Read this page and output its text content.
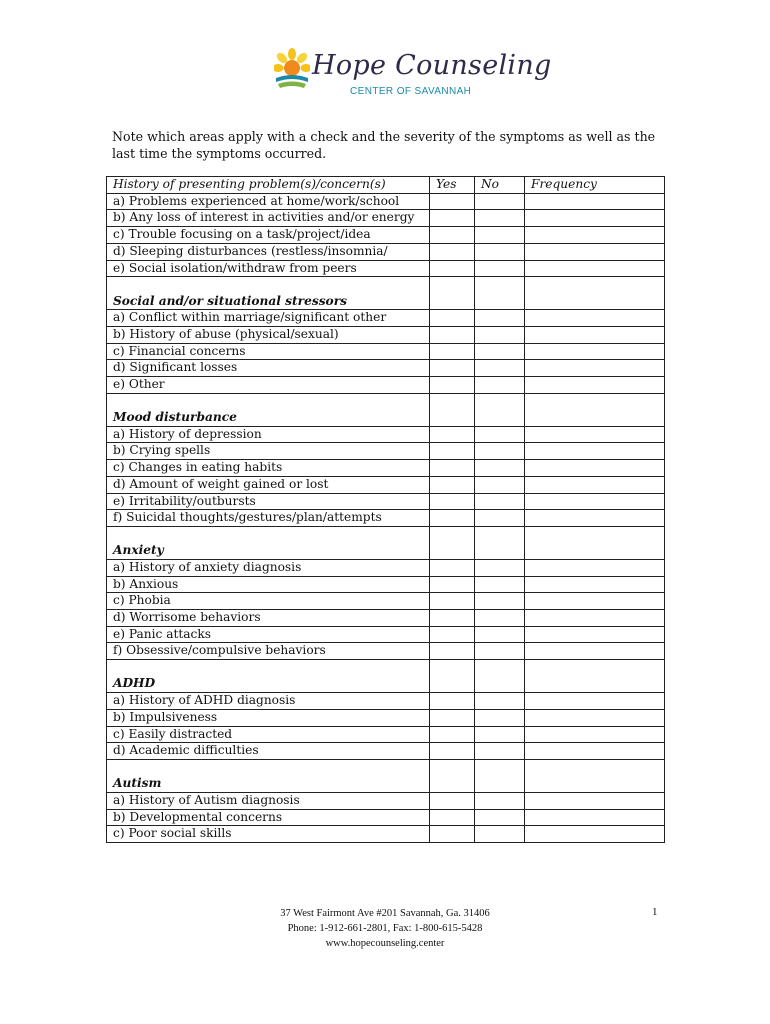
Hope Counseling
CENTER OF SAVANNAH
Note which areas apply with a check and the severity of the symptoms as well as the last time the symptoms occurred.
History of presenting problem(s)/concern(s)	Yes	No	Frequency
a) Problems experienced at home/work/school			
b) Any loss of interest in activities and/or energy			
c) Trouble focusing on a task/project/idea			
d) Sleeping disturbances (restless/insomnia/			
e) Social isolation/withdraw from peers			
Social and/or situational stressors			
a) Conflict within marriage/significant other			
b) History of abuse (physical/sexual)			
c) Financial concerns			
d) Significant losses			
e) Other			
Mood disturbance			
a) History of depression			
b) Crying spells			
c) Changes in eating habits			
d) Amount of weight gained or lost			
e) Irritability/outbursts			
f) Suicidal thoughts/gestures/plan/attempts			
Anxiety			
a) History of anxiety diagnosis			
b) Anxious			
c) Phobia			
d) Worrisome behaviors			
e) Panic attacks			
f) Obsessive/compulsive behaviors			
ADHD			
a) History of ADHD diagnosis			
b) Impulsiveness			
c) Easily distracted			
d) Academic difficulties			
Autism			
a) History of Autism diagnosis			
b) Developmental concerns			
c) Poor social skills			
37 West Fairmont Ave #201 Savannah, Ga. 31406
Phone: 1-912-661-2801, Fax: 1-800-615-5428
www.hopecounseling.center
1
